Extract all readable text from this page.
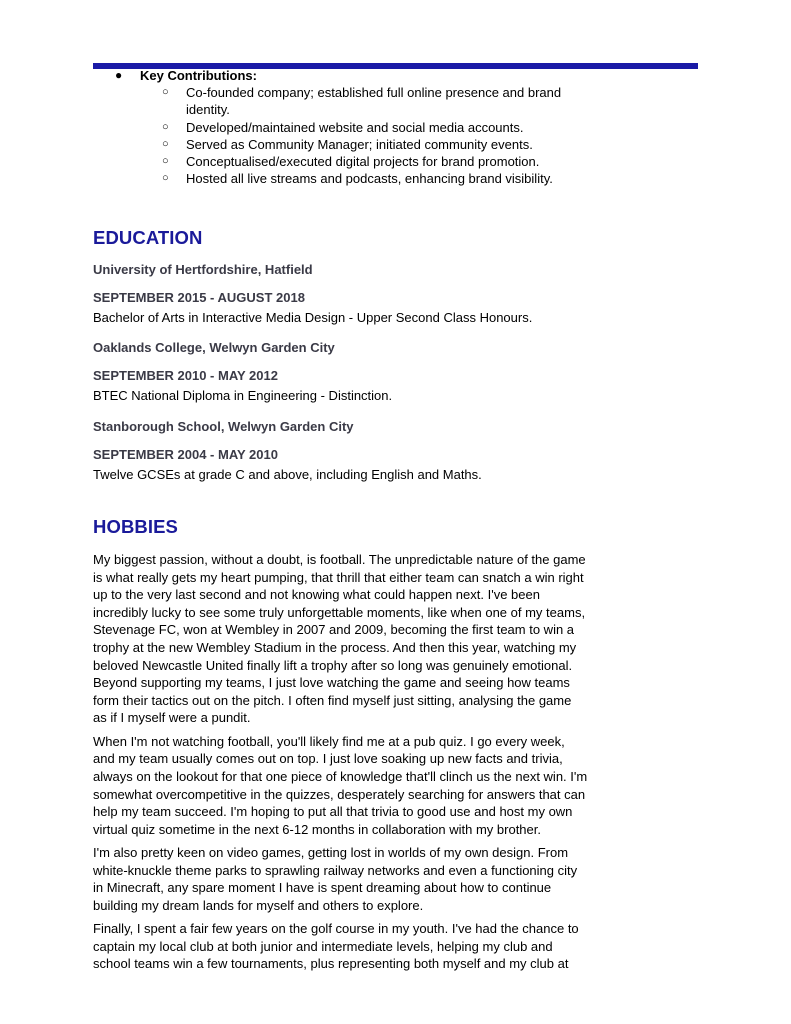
● Key Contributions:
○ Co-founded company; established full online presence and brand identity.
○ Developed/maintained website and social media accounts.
○ Served as Community Manager; initiated community events.
○ Conceptualised/executed digital projects for brand promotion.
○ Hosted all live streams and podcasts, enhancing brand visibility.
EDUCATION
University of Hertfordshire, Hatfield
SEPTEMBER 2015 - AUGUST 2018
Bachelor of Arts in Interactive Media Design - Upper Second Class Honours.
Oaklands College, Welwyn Garden City
SEPTEMBER 2010 - MAY 2012
BTEC National Diploma in Engineering - Distinction.
Stanborough School, Welwyn Garden City
SEPTEMBER 2004 - MAY 2010
Twelve GCSEs at grade C and above, including English and Maths.
HOBBIES

My biggest passion, without a doubt, is football. The unpredictable nature of the game is what really gets my heart pumping, that thrill that either team can snatch a win right up to the very last second and not knowing what could happen next. I've been incredibly lucky to see some truly unforgettable moments, like when one of my teams, Stevenage FC, won at Wembley in 2007 and 2009, becoming the first team to win a trophy at the new Wembley Stadium in the process. And then this year, watching my beloved Newcastle United finally lift a trophy after so long was genuinely emotional. Beyond supporting my teams, I just love watching the game and seeing how teams form their tactics out on the pitch. I often find myself just sitting, analysing the game as if I myself were a pundit.

When I'm not watching football, you'll likely find me at a pub quiz. I go every week, and my team usually comes out on top. I just love soaking up new facts and trivia, always on the lookout for that one piece of knowledge that'll clinch us the next win. I'm somewhat overcompetitive in the quizzes, desperately searching for answers that can help my team succeed. I'm hoping to put all that trivia to good use and host my own virtual quiz sometime in the next 6-12 months in collaboration with my brother.

I'm also pretty keen on video games, getting lost in worlds of my own design. From white-knuckle theme parks to sprawling railway networks and even a functioning city in Minecraft, any spare moment I have is spent dreaming about how to continue building my dream lands for myself and others to explore.

Finally, I spent a fair few years on the golf course in my youth. I've had the chance to captain my local club at both junior and intermediate levels, helping my club and school teams win a few tournaments, plus representing both myself and my club at
